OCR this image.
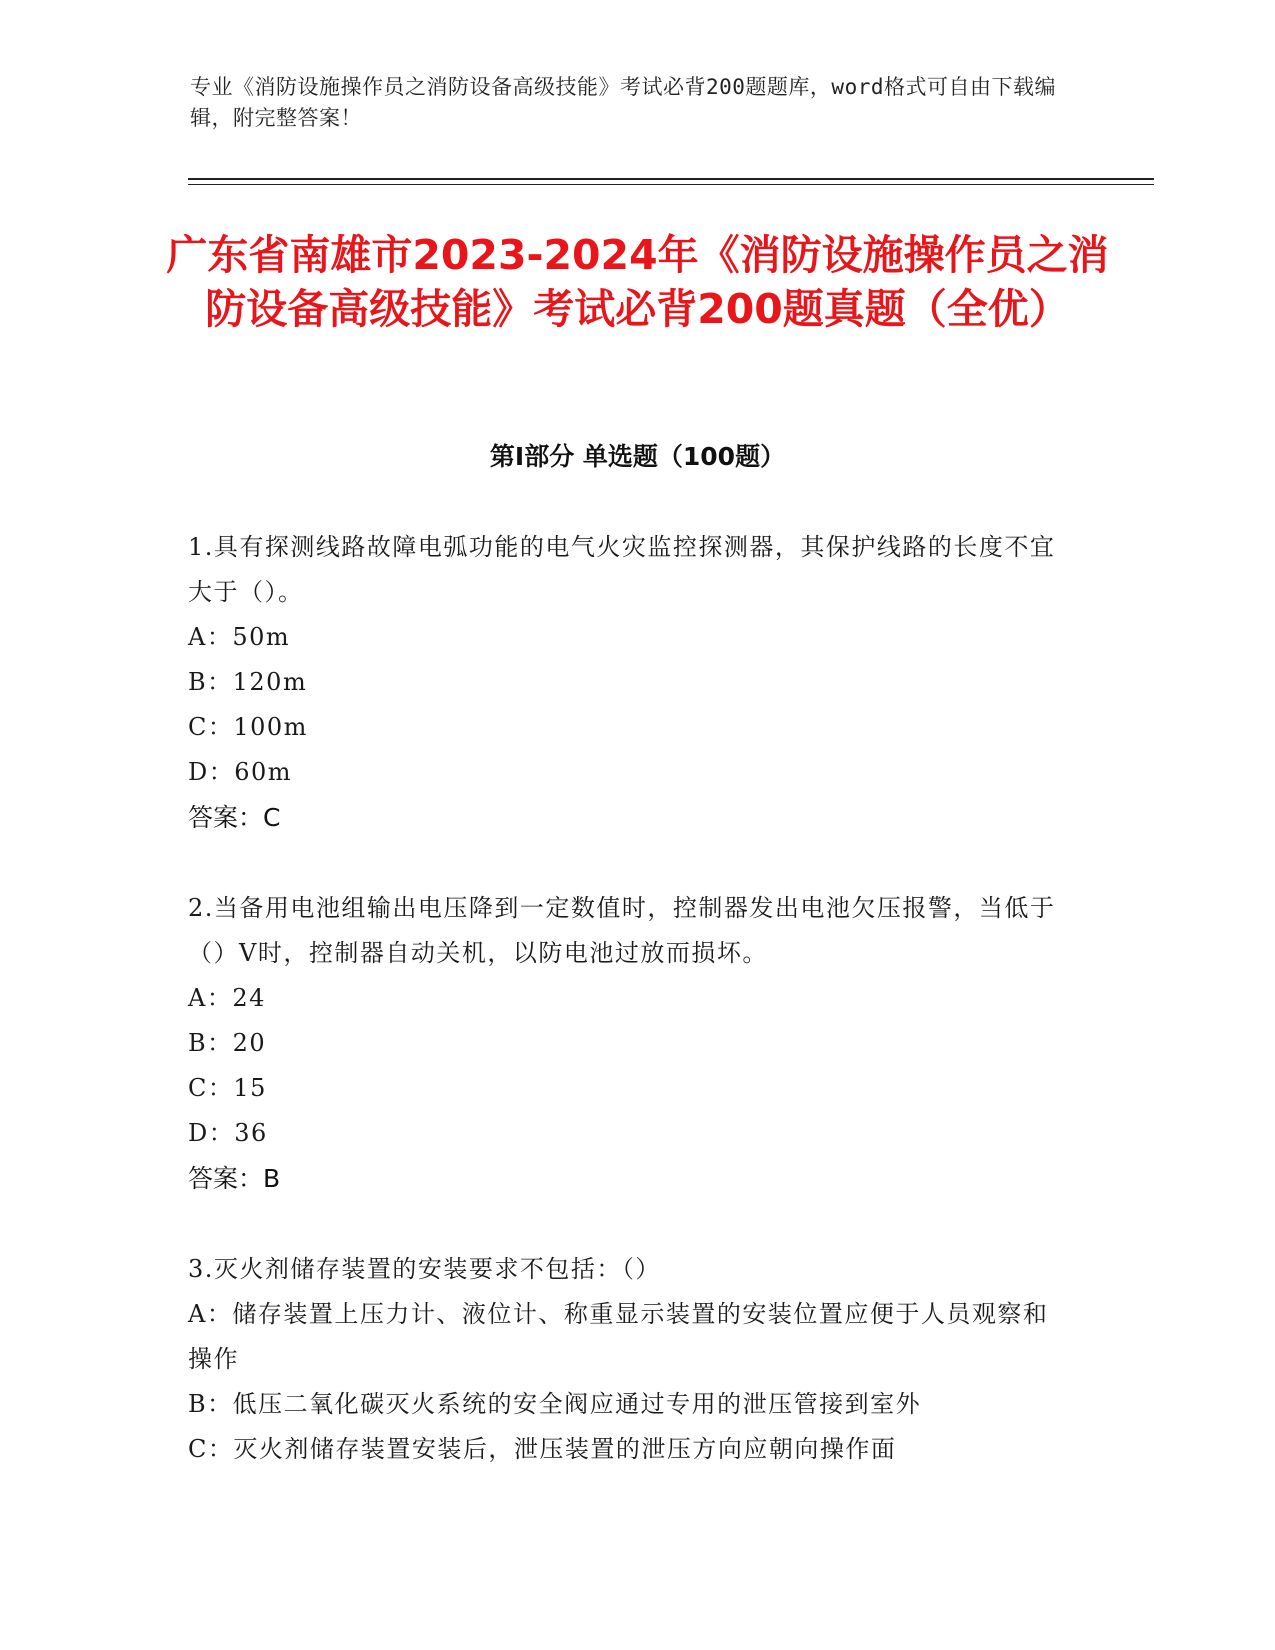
专业《消防设施操作员之消防设备高级技能》考试必背200题题库，word格式可自由下载编辑，附完整答案！
广东省南雄市2023-2024年《消防设施操作员之消防设备高级技能》考试必背200题真题（全优）
第Ⅰ部分 单选题（100题）
1.具有探测线路故障电弧功能的电气火灾监控探测器，其保护线路的长度不宜大于（）。
A：50m
B：120m
C：100m
D：60m
答案：C
2.当备用电池组输出电压降到一定数值时，控制器发出电池欠压报警，当低于（）V时，控制器自动关机，以防电池过放而损坏。
A：24
B：20
C：15
D：36
答案：B
3.灭火剂储存装置的安装要求不包括：（）
A：储存装置上压力计、液位计、称重显示装置的安装位置应便于人员观察和操作
B：低压二氧化碳灭火系统的安全阀应通过专用的泄压管接到室外
C：灭火剂储存装置安装后，泄压装置的泄压方向应朝向操作面
